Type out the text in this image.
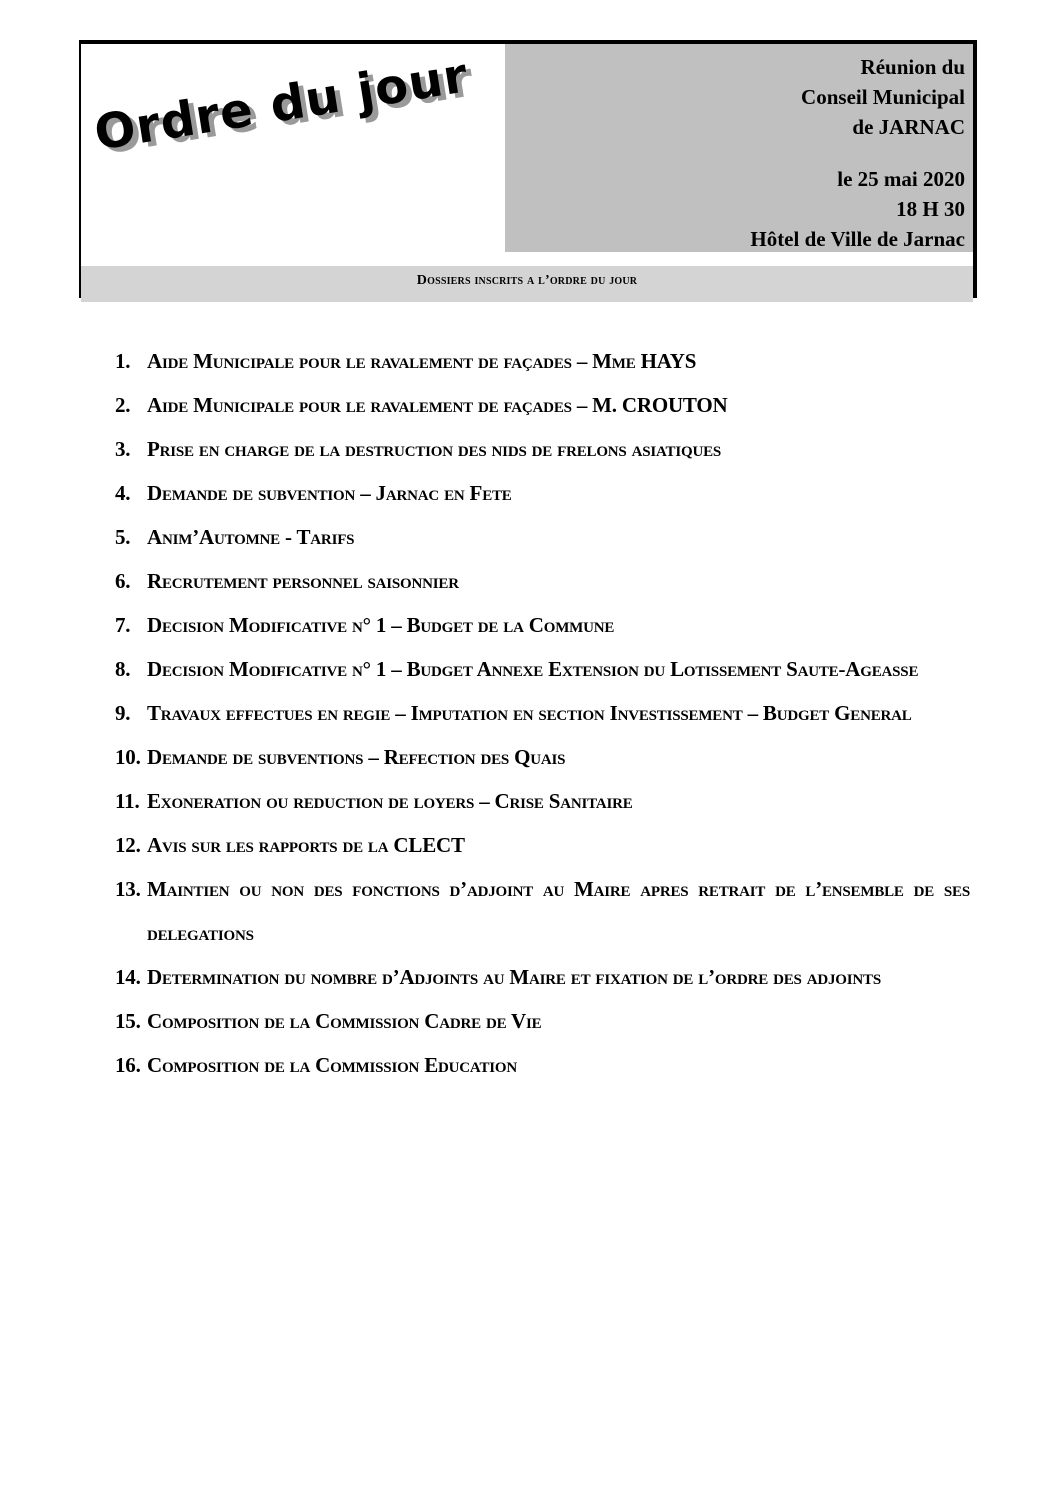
Ordre du jour	Réunion du
Conseil Municipal
de JARNAC
le 25 mai 2020
18 H 30
Hôtel de Ville de Jarnac
Dossiers inscrits a l’ordre du jour
1. Aide Municipale pour le ravalement de façades – Mme HAYS
2. Aide Municipale pour le ravalement de façades – M. CROUTON
3. Prise en charge de la destruction des nids de frelons asiatiques
4. Demande de subvention – Jarnac en Fete
5. Anim’Automne - Tarifs
6. Recrutement personnel saisonnier
7. Decision Modificative n° 1 – Budget de la Commune
8. Decision Modificative n° 1 – Budget Annexe Extension du Lotissement Saute-Ageasse
9. Travaux effectues en regie – Imputation en section Investissement – Budget General
10. Demande de subventions – Refection des Quais
11. Exoneration ou reduction de loyers – Crise Sanitaire
12. Avis sur les rapports de la CLECT
13. Maintien ou non des fonctions d’adjoint au Maire apres retrait de l’ensemble de ses delegations
14. Determination du nombre d’Adjoints au Maire et fixation de l’ordre des adjoints
15. Composition de la Commission Cadre de Vie
16. Composition de la Commission Education
